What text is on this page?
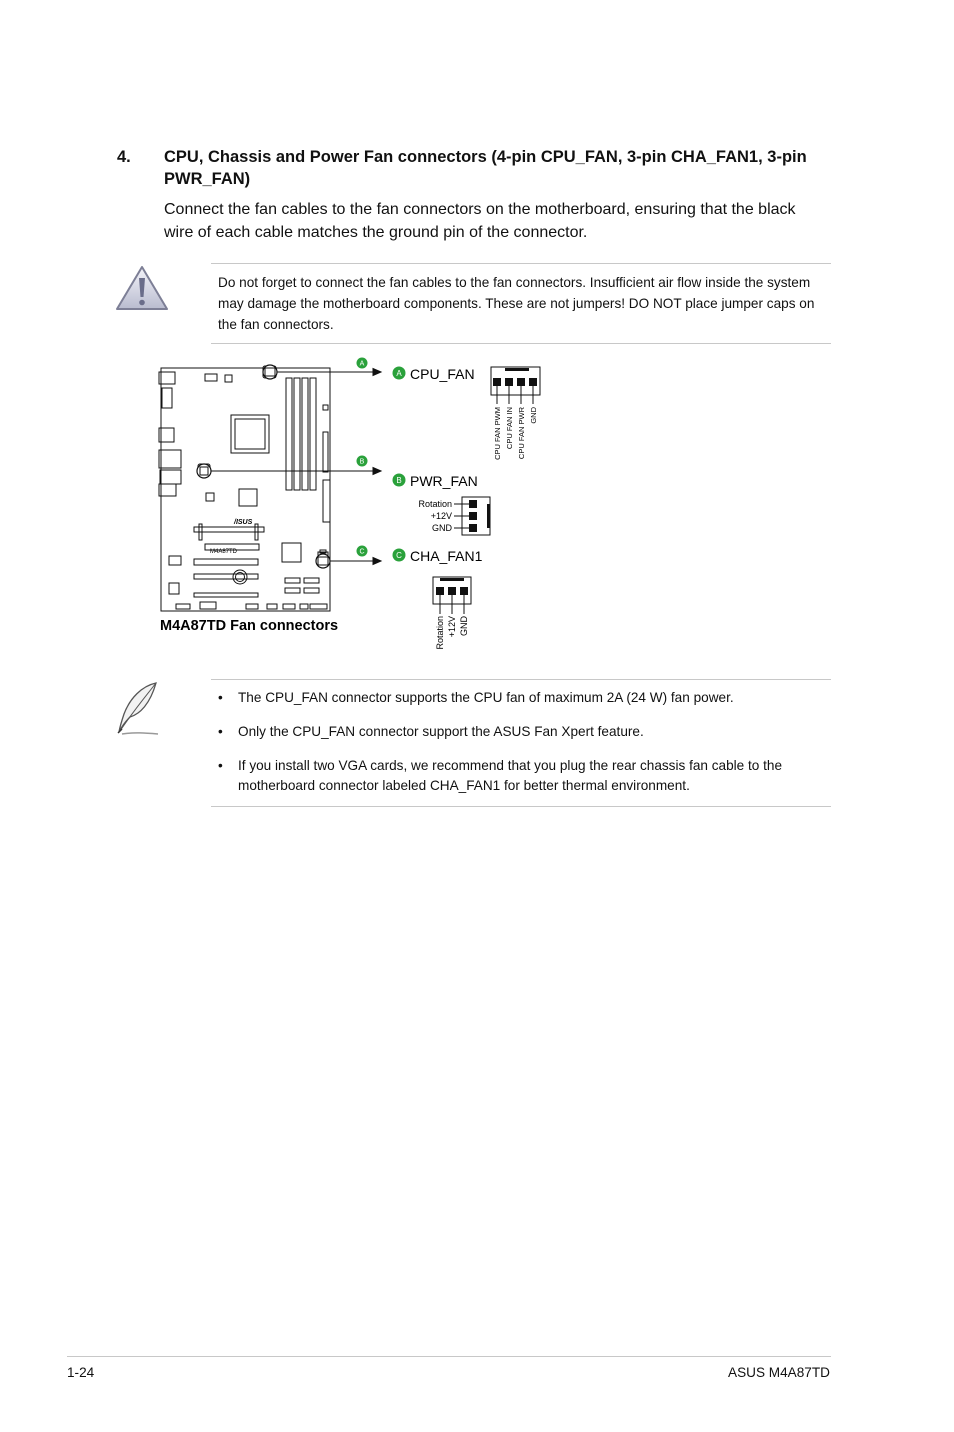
4. CPU, Chassis and Power Fan connectors (4-pin CPU_FAN, 3-pin CHA_FAN1, 3-pin PWR_FAN)
Connect the fan cables to the fan connectors on the motherboard, ensuring that the black wire of each cable matches the ground pin of the connector.
Do not forget to connect the fan cables to the fan connectors. Insufficient air flow inside the system may damage the motherboard components. These are not jumpers! DO NOT place jumper caps on the fan connectors.
M4A87TD
/ISUS
A
B
C
A CPU_FAN
CPU FAN PWM CPU FAN IN CPU FAN PWR GND
B PWR_FAN
Rotation
+12V
GND
C CHA_FAN1
Rotation +12V GND
M4A87TD Fan connectors
• The CPU_FAN connector supports the CPU fan of maximum 2A (24 W) fan power.
• Only the CPU_FAN connector support the ASUS Fan Xpert feature.
• If you install two VGA cards, we recommend that you plug the rear chassis fan cable to the motherboard connector labeled CHA_FAN1 for better thermal environment.
1-24	ASUS M4A87TD
